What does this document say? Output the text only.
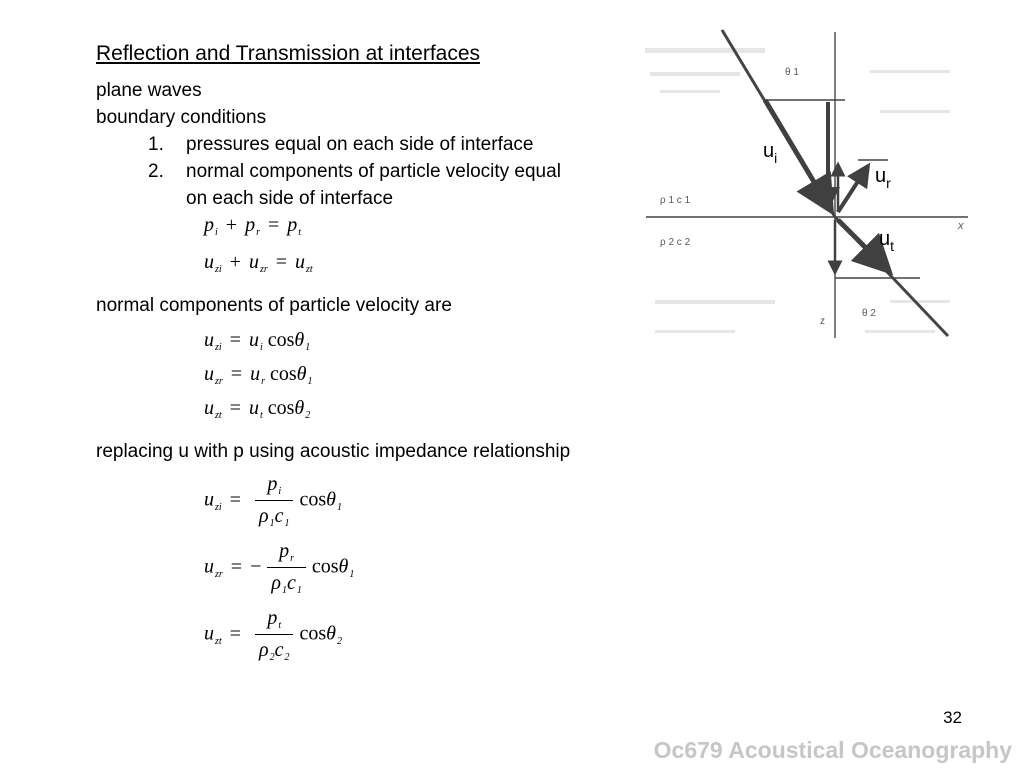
Reflection and Transmission at interfaces
plane waves
boundary conditions
1. pressures equal on each side of interface
2. normal components of particle velocity equal
on each side of interface
$p_i + p_r = p_t$
$u_{zi} + u_{zr} = u_{zt}$
normal components of particle velocity are
$u_{zi} = u_i$ cosθ$_1$
$u_{zr} = u_r$ cosθ$_1$
$u_{zt} = u_t$ cosθ$_2$
replacing u with p using acoustic impedance relationship
$u_{zi} = \frac{p_i}{\rho_1c_1} \cos\theta_1$
$u_{zr}$ = − $\frac{p_r}{\rho_1c_1} \cos\theta_1$
$u_{zt} = \frac{p_t}{\rho_2c_2} \cos\theta_2$
θ 1
θ 2
ρ 1 c 1
ρ 2 c 2
x
z
$u_i$
$u_r$
$u_t$
32
Oc679 Acoustical Oceanography
